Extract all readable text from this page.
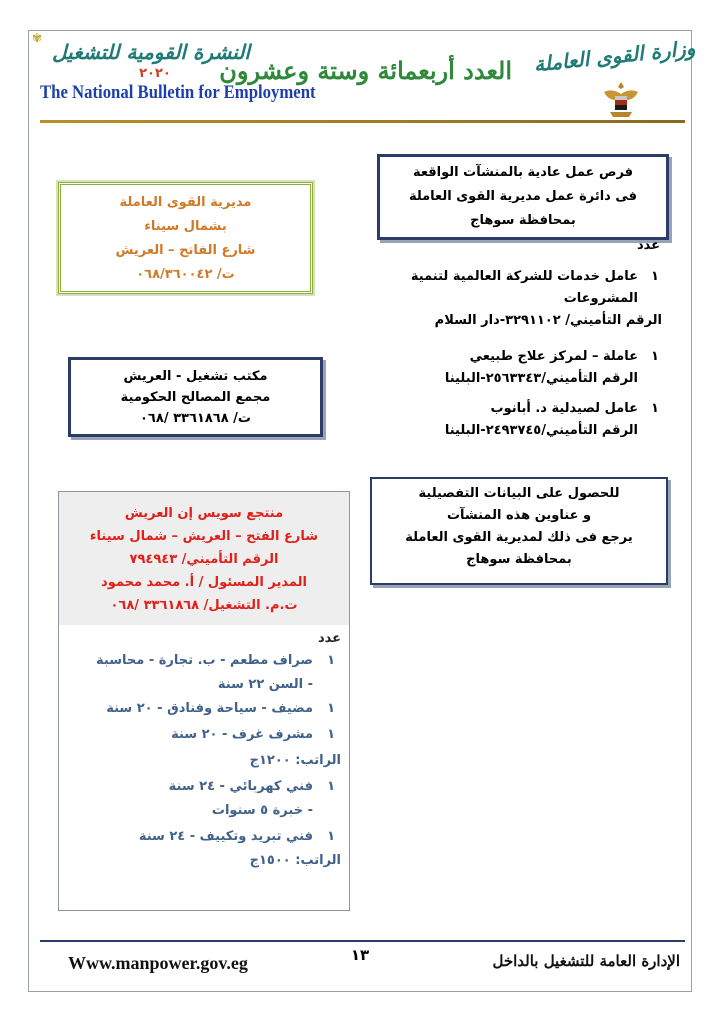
✾
النشرة القومية للتشغيل
٢٠٢٠
The National Bulletin for Employment
العدد أربعمائة وستة وعشرون وزارة القوى العاملة
فرص عمل عادية بالمنشآت الواقعة
فى دائرة عمل مديرية القوى العاملة
بمحافظة سوهاج
عدد
١
عامل خدمات للشركة العالمية لتنمية
المشروعات
الرقم التأميني/ ٣٢٩١١٠٢-دار السلام
١
عاملة – لمركز علاج طبيعي
الرقم التأميني/٢٥٦٣٣٤٣-البلينا
١
عامل لصيدلية د. أبانوب
الرقم التأميني/٢٤٩٣٧٤٥-البلينا
للحصول على البيانات التفصيلية
و عناوين هذه المنشآت
يرجع فى ذلك لمديرية القوى العاملة
بمحافظة سوهاج
مديرية القوى العاملة
بشمال سيناء
شارع الفاتح – العريش
ت/ ٠٦٨/٣٦٠٠٤٢
مكتب تشغيل - العريش
مجمع المصالح الحكومية
ت/ ٣٣٦١٨٦٨ /٠٦٨
منتجع سويس إن العريش
شارع الفتح – العريش – شمال سيناء
الرقم التأميني/ ٧٩٤٩٤٣
المدير المسئول / أ. محمد محمود
ت.م. التشغيل/ ٣٣٦١٨٦٨ /٠٦٨
عدد
١
صراف مطعم - ب. تجارة - محاسبة
- السن ٢٢ سنة
١
مضيف - سياحة وفنادق - ٢٠ سنة
١
مشرف غرف - ٢٠ سنة
الراتب: ١٢٠٠ج
١
فني كهربائي - ٢٤ سنة
- خبرة ٥ سنوات
١
فني تبريد وتكييف - ٢٤ سنة
الراتب: ١٥٠٠ج
Www.manpower.gov.eg	١٣	الإدارة العامة للتشغيل بالداخل
